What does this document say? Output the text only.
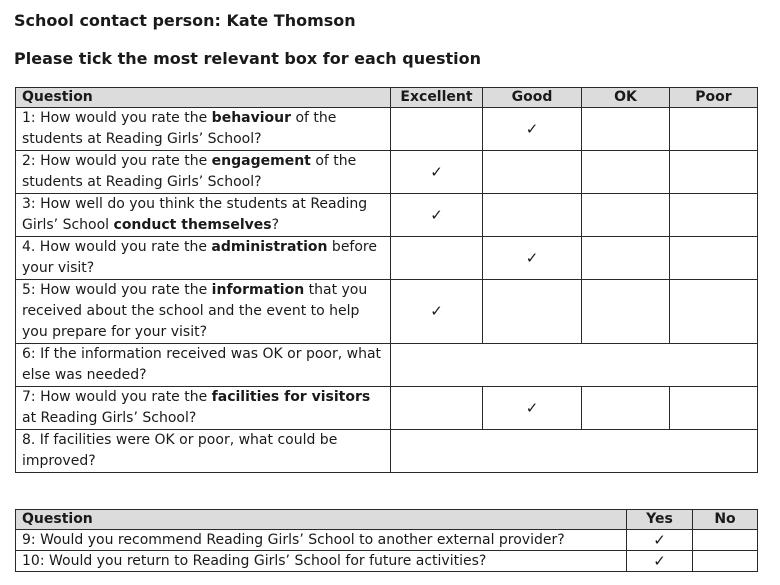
School contact person: Kate Thomson
Please tick the most relevant box for each question
Question	Excellent	Good	OK	Poor
1: How would you rate the behaviour of the students at Reading Girls’ School?		✓		
2: How would you rate the engagement of the students at Reading Girls’ School?	✓			
3: How well do you think the students at Reading Girls’ School conduct themselves?	✓			
4. How would you rate the administration before your visit?		✓		
5: How would you rate the information that you received about the school and the event to help you prepare for your visit?	✓			
6: If the information received was OK or poor, what else was needed?				
7: How would you rate the facilities for visitors at Reading Girls’ School?		✓		
8. If facilities were OK or poor, what could be improved?				
Question	Yes	No
9: Would you recommend Reading Girls’ School to another external provider?	✓	
10: Would you return to Reading Girls’ School for future activities?	✓	
